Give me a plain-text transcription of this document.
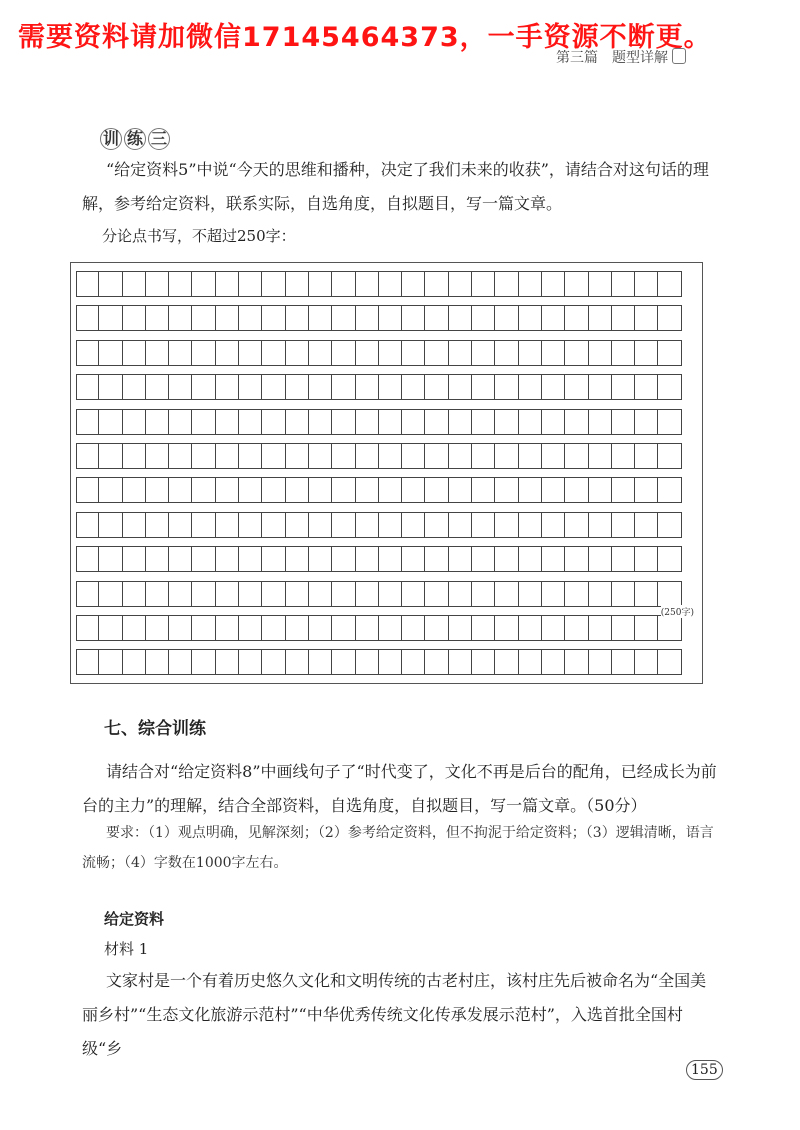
需要资料请加微信17145464373，一手资源不断更。
第三篇 题型详解
训 练 三

“给定资料5”中说“今天的思维和播种，决定了我们未来的收获”，请结合对这句话的理解，参考给定资料，联系实际，自选角度，自拟题目，写一篇文章。

分论点书写，不超过250字：
(250字)
七、综合训练

请结合对“给定资料8”中画线句子了“时代变了，文化不再是后台的配角，已经成长为前台的主力”的理解，结合全部资料，自选角度，自拟题目，写一篇文章。（50分）

要求：（1）观点明确，见解深刻；（2）参考给定资料，但不拘泥于给定资料；（3）逻辑清晰，语言流畅；（4）字数在1000字左右。

给定资料
材料 1

文家村是一个有着历史悠久文化和文明传统的古老村庄，该村庄先后被命名为“全国美丽乡村”“生态文化旅游示范村”“中华优秀传统文化传承发展示范村”，入选首批全国村级“乡

155
